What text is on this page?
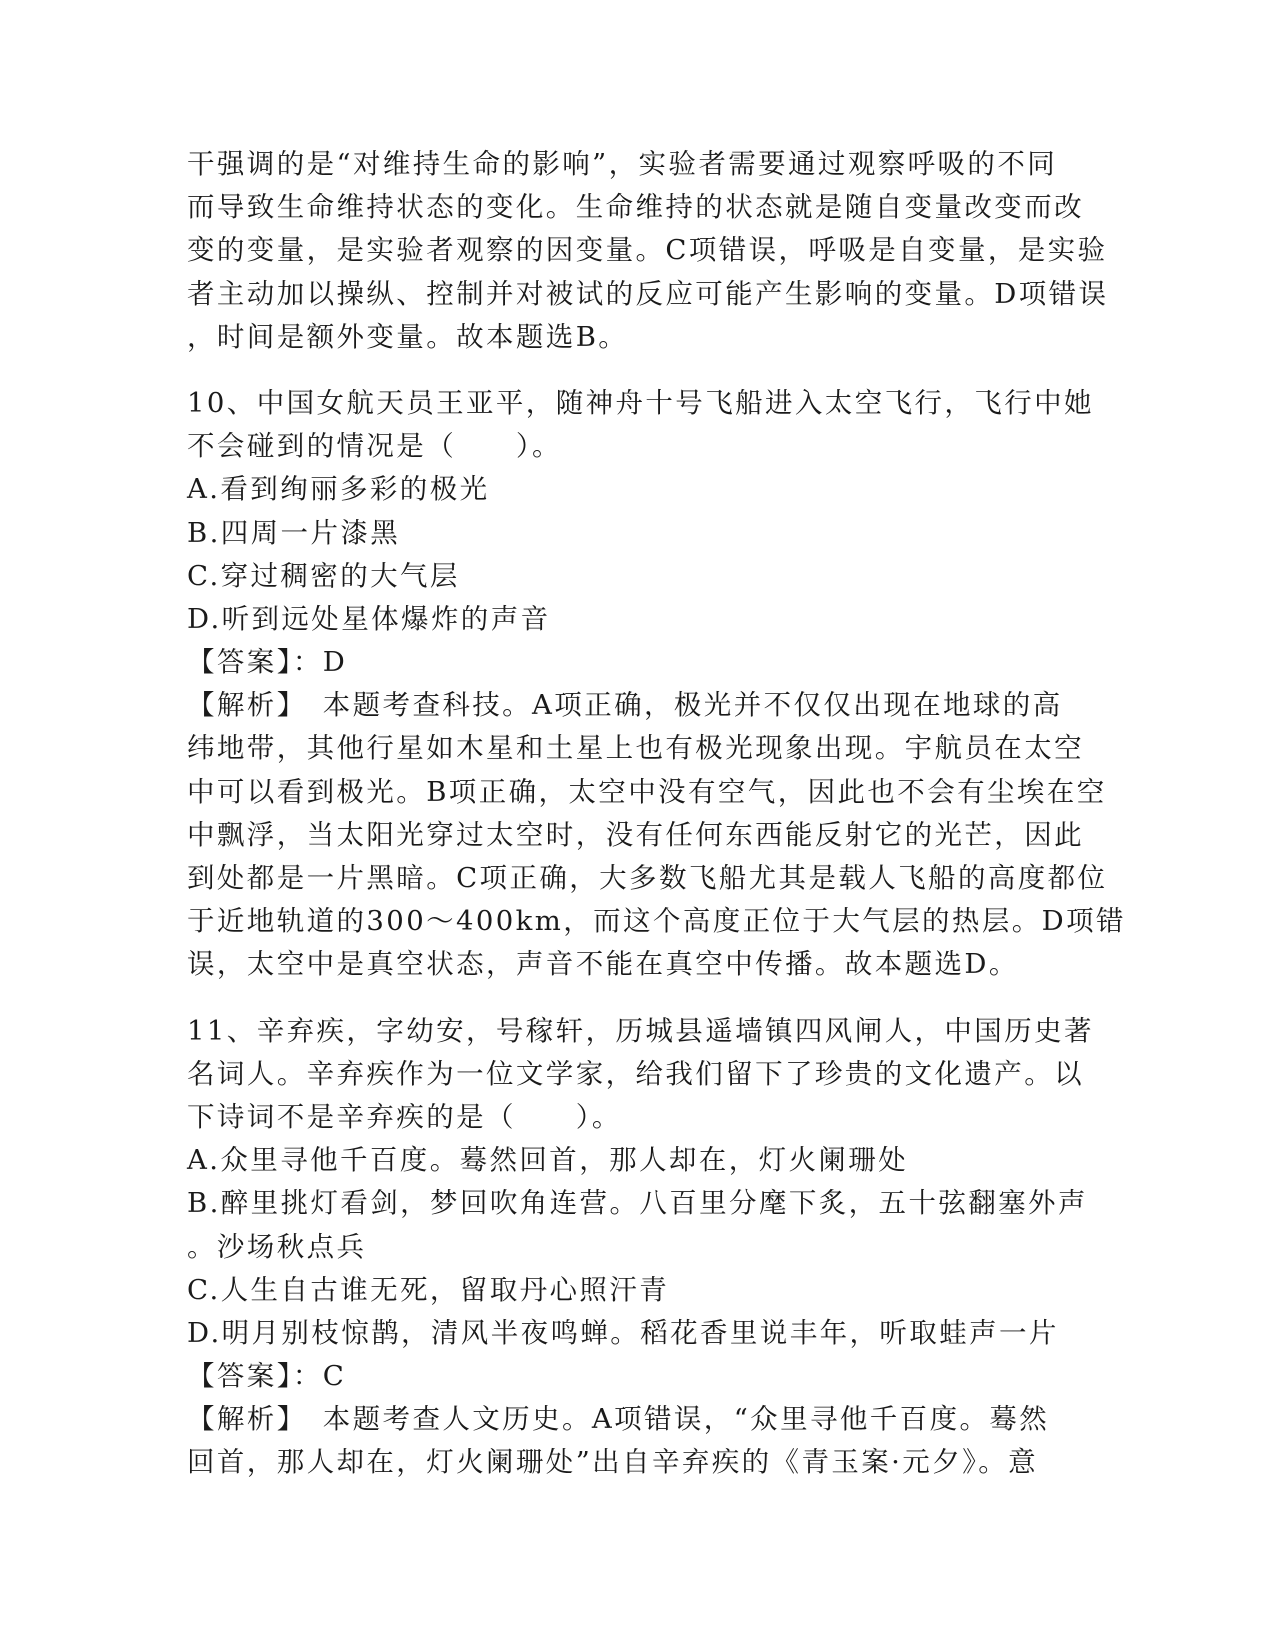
干强调的是“对维持生命的影响”，实验者需要通过观察呼吸的不同
而导致生命维持状态的变化。生命维持的状态就是随自变量改变而改
变的变量，是实验者观察的因变量。C项错误，呼吸是自变量，是实验
者主动加以操纵、控制并对被试的反应可能产生影响的变量。D项错误
，时间是额外变量。故本题选B。
10、中国女航天员王亚平，随神舟十号飞船进入太空飞行，飞行中她
不会碰到的情况是（　　）。
A.看到绚丽多彩的极光
B.四周一片漆黑
C.穿过稠密的大气层
D.听到远处星体爆炸的声音
【答案】：D
【解析】　本题考查科技。A项正确，极光并不仅仅出现在地球的高
纬地带，其他行星如木星和土星上也有极光现象出现。宇航员在太空
中可以看到极光。B项正确，太空中没有空气，因此也不会有尘埃在空
中飘浮，当太阳光穿过太空时，没有任何东西能反射它的光芒，因此
到处都是一片黑暗。C项正确，大多数飞船尤其是载人飞船的高度都位
于近地轨道的300～400km，而这个高度正位于大气层的热层。D项错
误，太空中是真空状态，声音不能在真空中传播。故本题选D。
11、辛弃疾，字幼安，号稼轩，历城县遥墙镇四风闸人，中国历史著
名词人。辛弃疾作为一位文学家，给我们留下了珍贵的文化遗产。以
下诗词不是辛弃疾的是（　　）。
A.众里寻他千百度。蓦然回首，那人却在，灯火阑珊处
B.醉里挑灯看剑，梦回吹角连营。八百里分麾下炙，五十弦翻塞外声
。沙场秋点兵
C.人生自古谁无死，留取丹心照汗青
D.明月别枝惊鹊，清风半夜鸣蝉。稻花香里说丰年，听取蛙声一片
【答案】：C
【解析】　本题考查人文历史。A项错误，“众里寻他千百度。蓦然
回首，那人却在，灯火阑珊处”出自辛弃疾的《青玉案·元夕》。意
